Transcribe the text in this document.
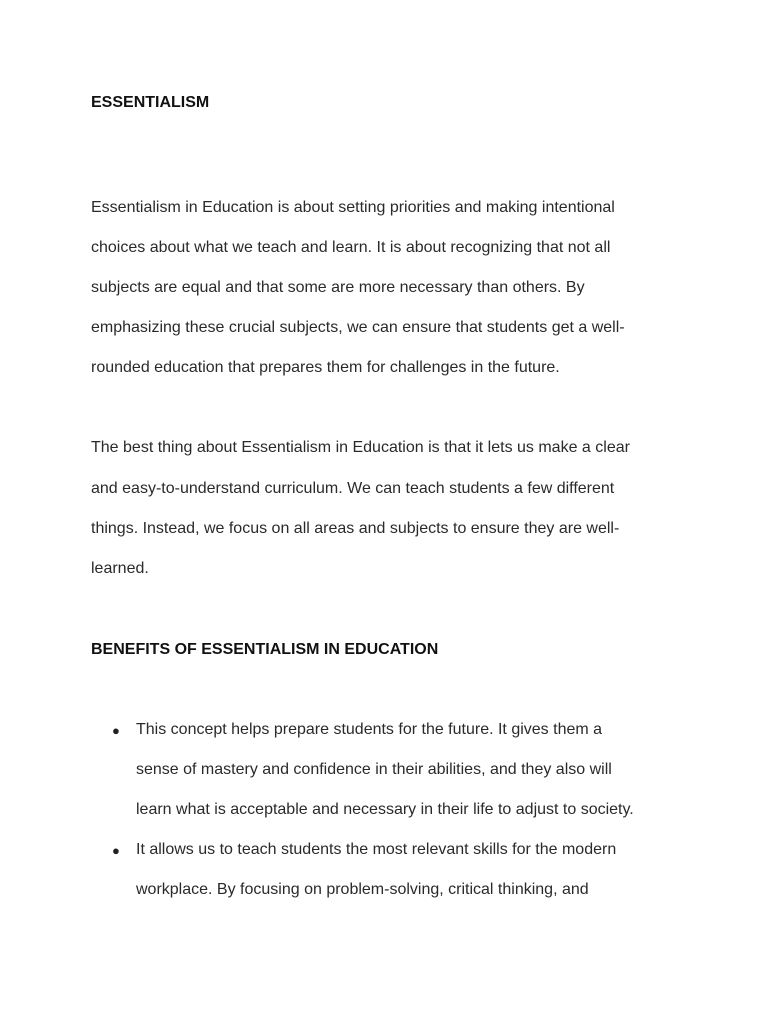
ESSENTIALISM

Essentialism in Education is about setting priorities and making intentional

choices about what we teach and learn. It is about recognizing that not all

subjects are equal and that some are more necessary than others. By

emphasizing these crucial subjects, we can ensure that students get a well-

rounded education that prepares them for challenges in the future.

The best thing about Essentialism in Education is that it lets us make a clear

and easy-to-understand curriculum. We can teach students a few different

things. Instead, we focus on all areas and subjects to ensure they are well-

learned.

BENEFITS OF ESSENTIALISM IN EDUCATION
● This concept helps prepare students for the future. It gives them a

sense of mastery and confidence in their abilities, and they also will

learn what is acceptable and necessary in their life to adjust to society.

● It allows us to teach students the most relevant skills for the modern

workplace. By focusing on problem-solving, critical thinking, and
